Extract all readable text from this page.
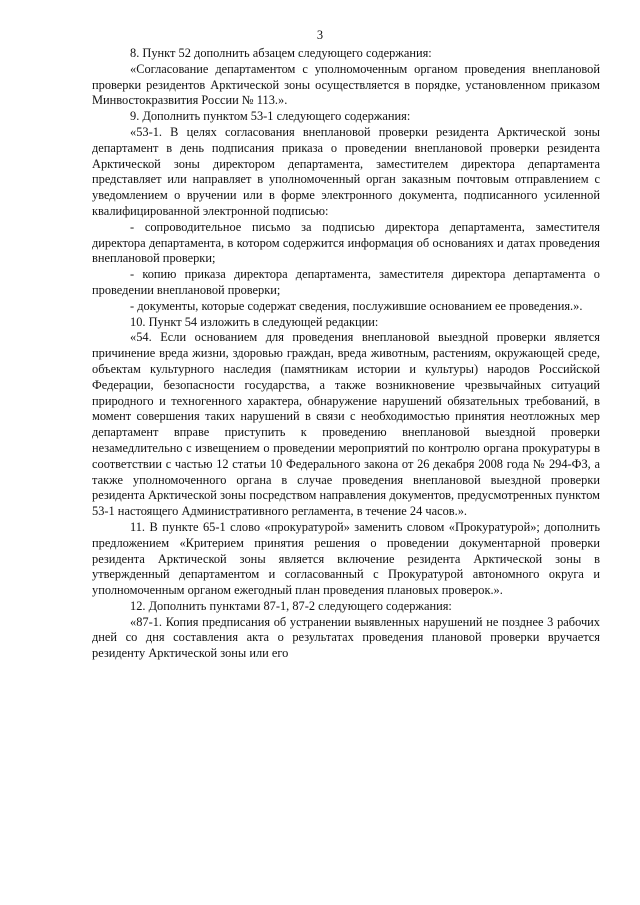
3

8. Пункт 52 дополнить абзацем следующего содержания:

«Согласование департаментом с уполномоченным органом проведения внеплановой проверки резидентов Арктической зоны осуществляется в порядке, установленном приказом Минвостокразвития России № 113.».

9. Дополнить пунктом 53-1 следующего содержания:

«53-1. В целях согласования внеплановой проверки резидента Арктической зоны департамент в день подписания приказа о проведении внеплановой проверки резидента Арктической зоны директором департамента, заместителем директора департамента представляет или направляет в уполномоченный орган заказным почтовым отправлением с уведомлением о вручении или в форме электронного документа, подписанного усиленной квалифицированной электронной подписью:

- сопроводительное письмо за подписью директора департамента, заместителя директора департамента, в котором содержится информация об основаниях и датах проведения внеплановой проверки;

- копию приказа директора департамента, заместителя директора департамента о проведении внеплановой проверки;

- документы, которые содержат сведения, послужившие основанием ее проведения.».

10. Пункт 54 изложить в следующей редакции:

«54. Если основанием для проведения внеплановой выездной проверки является причинение вреда жизни, здоровью граждан, вреда животным, растениям, окружающей среде, объектам культурного наследия (памятникам истории и культуры) народов Российской Федерации, безопасности государства, а также возникновение чрезвычайных ситуаций природного и техногенного характера, обнаружение нарушений обязательных требований, в момент совершения таких нарушений в связи с необходимостью принятия неотложных мер департамент вправе приступить к проведению внеплановой выездной проверки незамедлительно с извещением о проведении мероприятий по контролю органа прокуратуры в соответствии с частью 12 статьи 10 Федерального закона от 26 декабря 2008 года № 294-ФЗ, а также уполномоченного органа в случае проведения внеплановой выездной проверки резидента Арктической зоны посредством направления документов, предусмотренных пунктом 53-1 настоящего Административного регламента, в течение 24 часов.».

11. В пункте 65-1 слово «прокуратурой» заменить словом «Прокуратурой»; дополнить предложением «Критерием принятия решения о проведении документарной проверки резидента Арктической зоны является включение резидента Арктической зоны в утвержденный департаментом и согласованный с Прокуратурой автономного округа и уполномоченным органом ежегодный план проведения плановых проверок.».

12. Дополнить пунктами 87-1, 87-2 следующего содержания:

«87-1. Копия предписания об устранении выявленных нарушений не позднее 3 рабочих дней со дня составления акта о результатах проведения плановой проверки вручается резиденту Арктической зоны или его
